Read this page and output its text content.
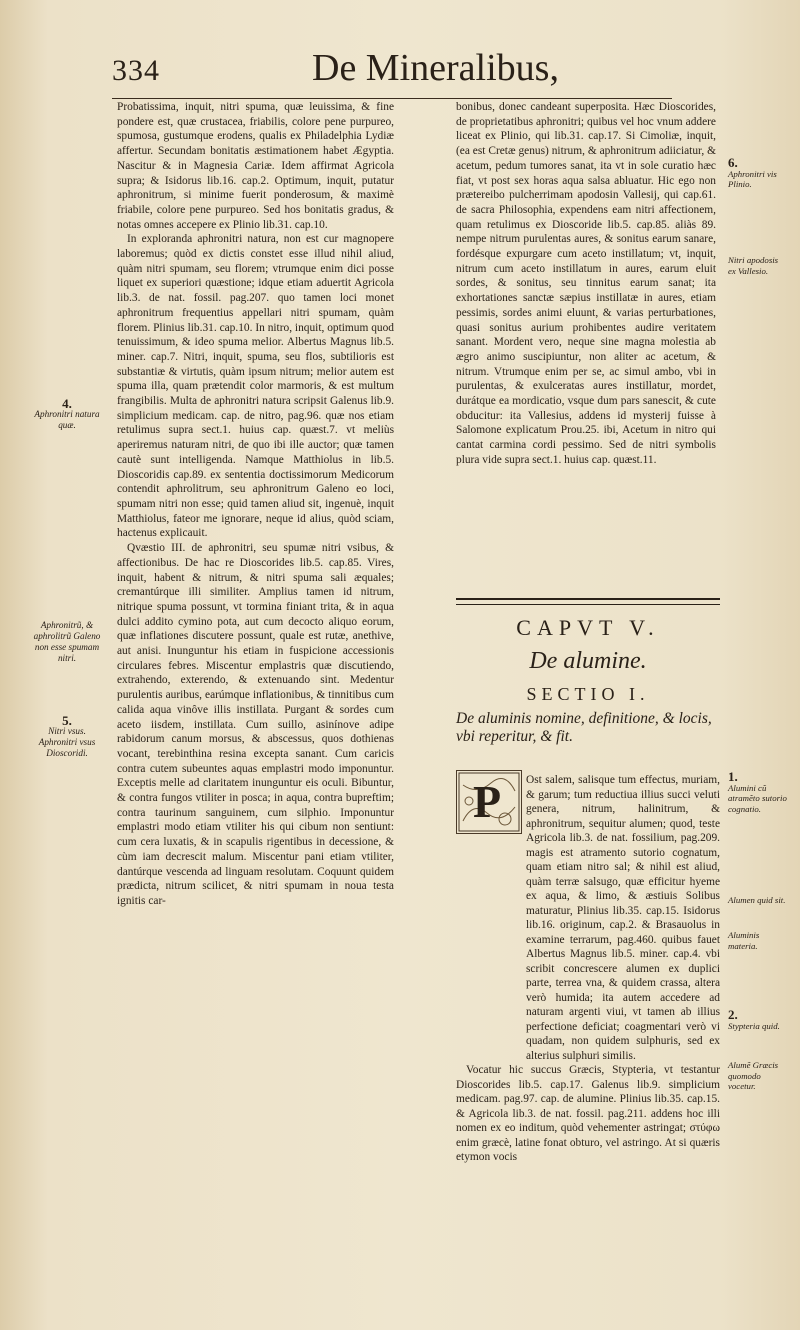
334	De Mineralibus,

Probatissima, inquit, nitri spuma, quæ leuissima, & fine pondere est, quæ crustacea, friabilis, colore pene purpureo, spumosa, gustumque erodens, qualis ex Philadelphia Lydiæ affertur. Secundam bonitatis æstimationem habet Ægyptia. Nascitur & in Magnesia Cariæ. Idem affirmat Agricola supra; & Isidorus lib.16. cap.2. Optimum, inquit, putatur aphronitrum, si minime fuerit ponderosum, & maximè friabile, colore pene purpureo. Sed hos bonitatis gradus, & notas omnes accepere ex Plinio lib.31. cap.10.

In exploranda aphronitri natura, non est cur magnopere laboremus; quòd ex dictis constet esse illud nihil aliud, quàm nitri spumam, seu florem; vtrumque enim dici posse liquet ex superiori quæstione; idque etiam aduertit Agricola lib.3. de nat. fossil. pag.207. quo tamen loci monet aphronitrum frequentius appellari nitri spumam, quàm florem. Plinius lib.31. cap.10. In nitro, inquit, optimum quod tenuissimum, & ideo spuma melior. Albertus Magnus lib.5. miner. cap.7. Nitri, inquit, spuma, seu flos, subtilioris est substantiæ & virtutis, quàm ipsum nitrum; melior autem est spuma illa, quam prætendit color marmoris, & est multum frangibilis. Multa de aphronitri natura scripsit Galenus lib.9. simplicium medicam. cap. de nitro, pag.96. quæ nos etiam retulimus supra sect.1. huius cap. quæst.7. vt meliùs aperiremus naturam nitri, de quo ibi ille auctor; quæ tamen cautè sunt intelligenda. Namque Matthiolus in lib.5. Dioscoridis cap.89. ex sententia doctissimorum Medicorum contendit aphrolitrum, seu aphronitrum Galeno eo loci, spumam nitri non esse; quid tamen aliud sit, ingenuè, inquit Matthiolus, fateor me ignorare, neque id alius, quòd sciam, hactenus explicauit.

Qvæstio III. de aphronitri, seu spumæ nitri vsibus, & affectionibus. De hac re Dioscorides lib.5. cap.85. Vires, inquit, habent & nitrum, & nitri spuma sali æquales; cremantúrque illi similiter. Amplius tamen id nitrum, nitrique spuma possunt, vt tormina finiant trita, & in aqua dulci addito cymino pota, aut cum decocto aliquo eorum, quæ inflationes discutere possunt, quale est rutæ, anethive, aut anisi. Inunguntur his etiam in fuspicione accessionis circulares febres. Miscentur emplastris quæ discutiendo, extrahendo, exterendo, & extenuando sint. Medentur purulentis auribus, earúmque inflationibus, & tinnitibus cum calida aqua vinôve illis instillata. Purgant & sordes cum aceto iisdem, instillata. Cum suillo, asinínove adipe rabidorum canum morsus, & abscessus, quos dothienas vocant, terebinthina resina excepta sanant. Cum caricis contra cutem subeuntes aquas emplastri modo imponuntur. Exceptis melle ad claritatem inunguntur eis oculi. Bibuntur, & contra fungos vtiliter in posca; in aqua, contra bupreftim; contra taurinum sanguinem, cum silphio. Imponuntur emplastri modo etiam vtiliter his qui cibum non sentiunt: cum cera luxatis, & in scapulis rigentibus in decessione, & cùm iam decrescit malum. Miscentur pani etiam vtiliter, dantúrque vescenda ad linguam resolutam. Coquunt quidem prædicta, nitrum scilicet, & nitri spumam in noua testa ignitis car-

4.
Aphronitri natura quæ.
Aphronitrũ, & aphrolitrũ Galeno non esse spumam nitri.
5.
Nitri vsus. Aphronitri vsus Dioscoridi.

bonibus, donec candeant superposita. Hæc Dioscorides, de proprietatibus aphronitri; quibus vel hoc vnum addere liceat ex Plinio, qui lib.31. cap.17. Si Cimoliæ, inquit, (ea est Cretæ genus) nitrum, & aphronitrum adiiciatur, & acetum, pedum tumores sanat, ita vt in sole curatio hæc fiat, vt post sex horas aqua salsa abluatur. Hic ego non prætereibo pulcherrimam apodosin Vallesij, qui cap.61. de sacra Philosophia, expendens eam nitri affectionem, quam retulimus ex Dioscoride lib.5. cap.85. aliàs 89. nempe nitrum purulentas aures, & sonitus earum sanare, fordésque expurgare cum aceto instillatum; vt, inquit, nitrum cum aceto instillatum in aures, earum eluit sordes, & sonitus, seu tinnitus earum sanat; ita exhortationes sanctæ sæpius instillatæ in aures, etiam pessimis, sordes animi eluunt, & varias perturbationes, quasi sonitus aurium prohibentes audire veritatem sanant. Mordent vero, neque sine magna molestia ab ægro animo suscipiuntur, non aliter ac acetum, & nitrum. Vtrumque enim per se, ac simul ambo, vbi in purulentas, & exulceratas aures instillatur, mordet, durátque ea mordicatio, vsque dum pars sanescit, & cute obducitur: ita Vallesius, addens id mysterij fuisse à Salomone explicatum Prou.25. ibi, Acetum in nitro qui cantat carmina cordi pessimo. Sed de nitri symbolis plura vide supra sect.1. huius cap. quæst.11.

6.
Aphronitri vis Plinio.
Nitri apodosis ex Vallesio.
CAPVT V.
De alumine.
SECTIO I.
De aluminis nomine, definitione, & locis, vbi reperitur, & fit.
P	Ost salem, salisque tum effectus, muriam, & garum; tum reductiua illius succi veluti genera, nitrum, halinitrum, & aphronitrum, sequitur alumen; quod, teste Agricola lib.3. de nat. fossilium, pag.209. magis est atramento sutorio cognatum, quam etiam nitro sal; & nihil est aliud, quàm terræ salsugo, quæ efficitur hyeme ex aqua, & limo, & æstiuis Solibus maturatur, Plinius lib.35. cap.15. Isidorus lib.16. originum, cap.2. & Brasauolus in examine terrarum, pag.460. quibus fauet Albertus Magnus lib.5. miner. cap.4. vbi scribit concrescere alumen ex duplici parte, terrea vna, & quidem crassa, altera verò humida; ita autem accedere ad naturam argenti viui, vt tamen ab illius perfectione deficiat; coagmentari verò vi quadam, non quidem sulphuris, sed ex alterius sulphuri similis.

Vocatur hic succus Græcis, Stypteria, vt testantur Dioscorides lib.5. cap.17. Galenus lib.9. simplicium medicam. pag.97. cap. de alumine. Plinius lib.35. cap.15. & Agricola lib.3. de nat. fossil. pag.211. addens hoc illi nomen ex eo inditum, quòd vehementer astringat; στύφω enim græcè, latine fonat obturo, vel astringo. At si quæris etymon vocis

1.
Alumini cũ atramẽto sutorio cognatio.
Alumen quid sit.
Aluminis materia.
2.
Stypteria quid.
Alumẽ Græcis quomodo vocetur.
